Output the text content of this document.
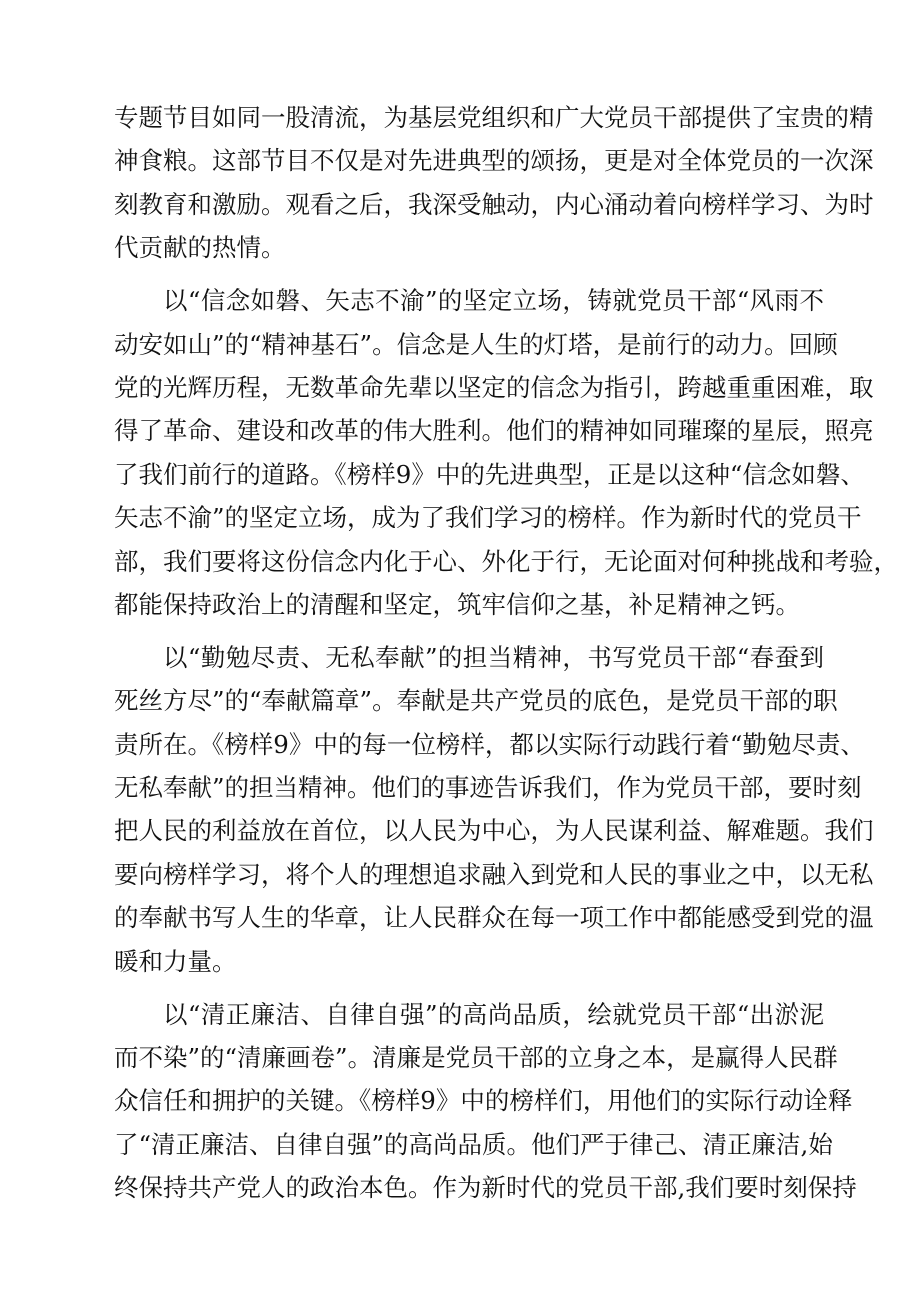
专题节目如同一股清流，为基层党组织和广大党员干部提供了宝贵的精
神食粮。这部节目不仅是对先进典型的颂扬，更是对全体党员的一次深
刻教育和激励。观看之后，我深受触动，内心涌动着向榜样学习、为时
代贡献的热情。
以“信念如磐、矢志不渝”的坚定立场，铸就党员干部“风雨不
动安如山”的“精神基石”。信念是人生的灯塔，是前行的动力。回顾
党的光辉历程，无数革命先辈以坚定的信念为指引，跨越重重困难，取
得了革命、建设和改革的伟大胜利。他们的精神如同璀璨的星辰，照亮
了我们前行的道路。《榜样9》中的先进典型，正是以这种“信念如磐、
矢志不渝”的坚定立场，成为了我们学习的榜样。作为新时代的党员干
部，我们要将这份信念内化于心、外化于行，无论面对何种挑战和考验，
都能保持政治上的清醒和坚定，筑牢信仰之基，补足精神之钙。
以“勤勉尽责、无私奉献”的担当精神，书写党员干部“春蚕到
死丝方尽”的“奉献篇章”。奉献是共产党员的底色，是党员干部的职
责所在。《榜样9》中的每一位榜样，都以实际行动践行着“勤勉尽责、
无私奉献”的担当精神。他们的事迹告诉我们，作为党员干部，要时刻
把人民的利益放在首位，以人民为中心，为人民谋利益、解难题。我们
要向榜样学习，将个人的理想追求融入到党和人民的事业之中，以无私
的奉献书写人生的华章，让人民群众在每一项工作中都能感受到党的温
暖和力量。
以“清正廉洁、自律自强”的高尚品质，绘就党员干部“出淤泥
而不染”的“清廉画卷”。清廉是党员干部的立身之本，是赢得人民群
众信任和拥护的关键。《榜样9》中的榜样们，用他们的实际行动诠释
了“清正廉洁、自律自强”的高尚品质。他们严于律己、清正廉洁,始
终保持共产党人的政治本色。作为新时代的党员干部,我们要时刻保持
